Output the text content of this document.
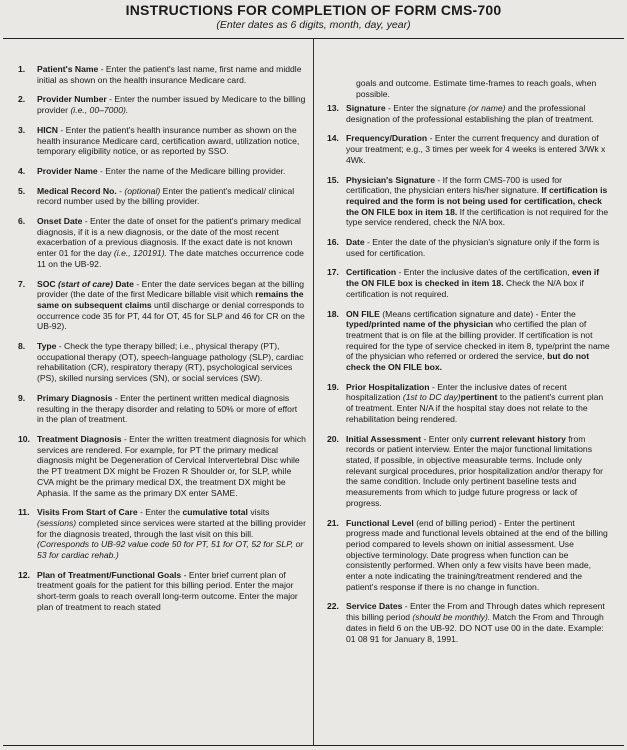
INSTRUCTIONS FOR COMPLETION OF FORM CMS-700
(Enter dates as 6 digits, month, day, year)
goals and outcome. Estimate time-frames to reach goals, when possible.
1. Patient's Name - Enter the patient's last name, first name and middle initial as shown on the health insurance Medicare card.
2. Provider Number - Enter the number issued by Medicare to the billing provider (i.e., 00–7000).
3. HICN - Enter the patient's health insurance number as shown on the health insurance Medicare card, certification award, utilization notice, temporary eligibility notice, or as reported by SSO.
4. Provider Name - Enter the name of the Medicare billing provider.
5. Medical Record No. - (optional) Enter the patient's medical/ clinical record number used by the billing provider.
6. Onset Date - Enter the date of onset for the patient's primary medical diagnosis, if it is a new diagnosis, or the date of the most recent exacerbation of a previous diagnosis. If the exact date is not known enter 01 for the day (i.e., 120191). The date matches occurrence code 11 on the UB-92.
7. SOC (start of care) Date - Enter the date services began at the billing provider (the date of the first Medicare billable visit which remains the same on subsequent claims until discharge or denial corresponds to occurrence code 35 for PT, 44 for OT, 45 for SLP and 46 for CR on the UB-92).
8. Type - Check the type therapy billed; i.e., physical therapy (PT), occupational therapy (OT), speech-language pathology (SLP), cardiac rehabilitation (CR), respiratory therapy (RT), psychological services (PS), skilled nursing services (SN), or social services (SW).
9. Primary Diagnosis - Enter the pertinent written medical diagnosis resulting in the therapy disorder and relating to 50% or more of effort in the plan of treatment.
10. Treatment Diagnosis - Enter the written treatment diagnosis for which services are rendered. For example, for PT the primary medical diagnosis might be Degeneration of Cervical Intervertebral Disc while the PT treatment DX might be Frozen R Shoulder or, for SLP, while CVA might be the primary medical DX, the treatment DX might be Aphasia. If the same as the primary DX enter SAME.
11. Visits From Start of Care - Enter the cumulative total visits (sessions) completed since services were started at the billing provider for the diagnosis treated, through the last visit on this bill. (Corresponds to UB-92 value code 50 for PT, 51 for OT, 52 for SLP, or 53 for cardiac rehab.)
12. Plan of Treatment/Functional Goals - Enter brief current plan of treatment goals for the patient for this billing period. Enter the major short-term goals to reach overall long-term outcome. Enter the major plan of treatment to reach stated
13. Signature - Enter the signature (or name) and the professional designation of the professional establishing the plan of treatment.
14. Frequency/Duration - Enter the current frequency and duration of your treatment; e.g., 3 times per week for 4 weeks is entered 3/Wk x 4Wk.
15. Physician's Signature - If the form CMS-700 is used for certification, the physician enters his/her signature. If certification is required and the form is not being used for certification, check the ON FILE box in item 18. If the certification is not required for the type service rendered, check the N/A box.
16. Date - Enter the date of the physician's signature only if the form is used for certification.
17. Certification - Enter the inclusive dates of the certification, even if the ON FILE box is checked in item 18. Check the N/A box if certification is not required.
18. ON FILE (Means certification signature and date) - Enter the typed/printed name of the physician who certified the plan of treatment that is on file at the billing provider. If certification is not required for the type of service checked in item 8, type/print the name of the physician who referred or ordered the service, but do not check the ON FILE box.
19. Prior Hospitalization - Enter the inclusive dates of recent hospitalization (1st to DC day)pertinent to the patient's current plan of treatment. Enter N/A if the hospital stay does not relate to the rehabilitation being rendered.
20. Initial Assessment - Enter only current relevant history from records or patient interview. Enter the major functional limitations stated, if possible, in objective measurable terms. Include only relevant surgical procedures, prior hospitalization and/or therapy for the same condition. Include only pertinent baseline tests and measurements from which to judge future progress or lack of progress.
21. Functional Level (end of billing period) - Enter the pertinent progress made and functional levels obtained at the end of the billing period compared to levels shown on initial assessment. Use objective terminology. Date progress when function can be consistently performed. When only a few visits have been made, enter a note indicating the training/treatment rendered and the patient's response if there is no change in function.
22. Service Dates - Enter the From and Through dates which represent this billing period (should be monthly). Match the From and Through dates in field 6 on the UB-92. DO NOT use 00 in the date. Example: 01 08 91 for January 8, 1991.
